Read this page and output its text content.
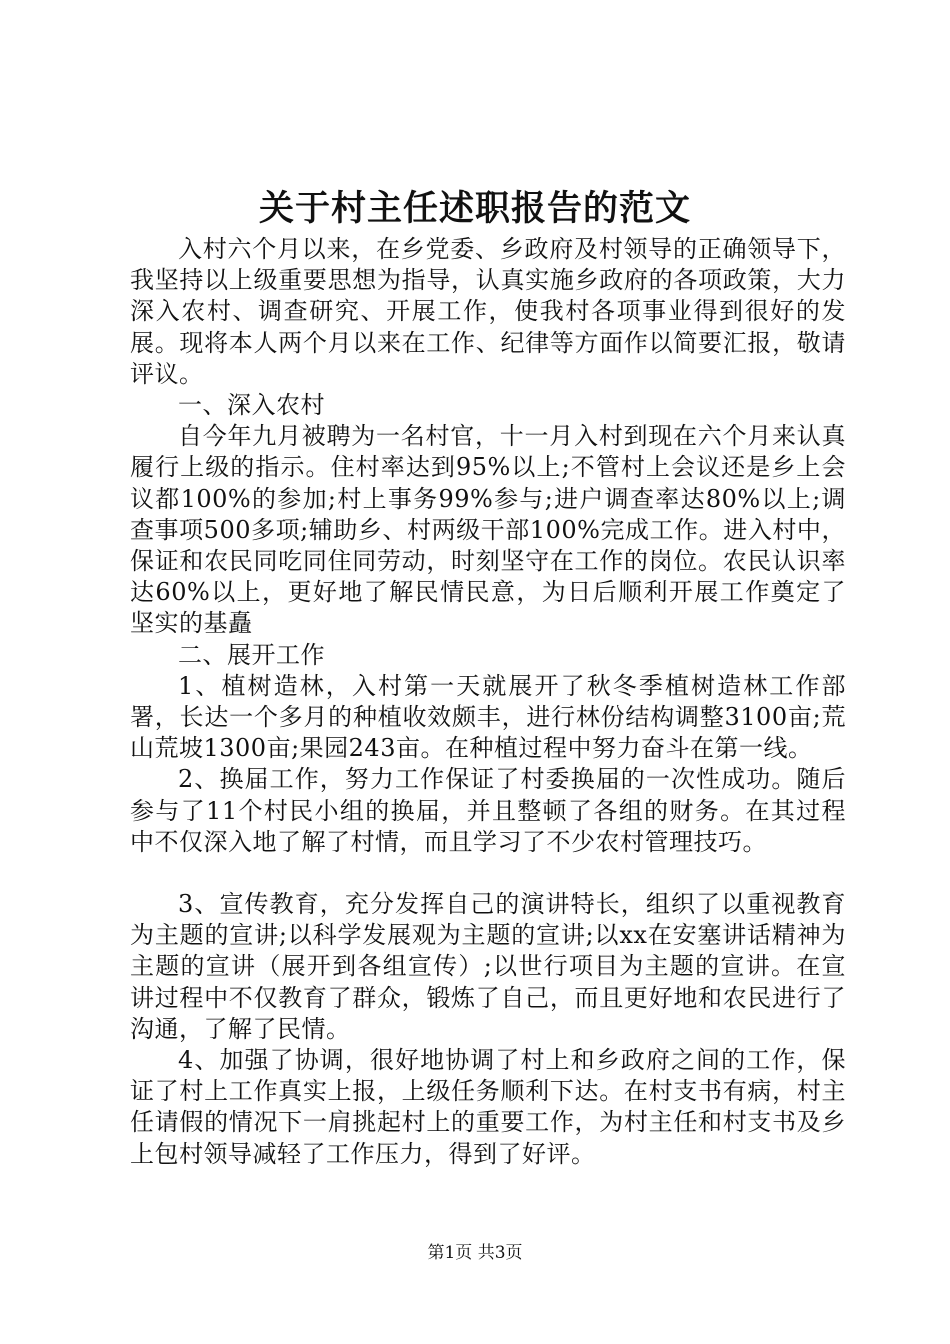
关于村主任述职报告的范文

入村六个月以来，在乡党委、乡政府及村领导的正确领导下，我坚持以上级重要思想为指导，认真实施乡政府的各项政策，大力深入农村、调查研究、开展工作，使我村各项事业得到很好的发展。现将本人两个月以来在工作、纪律等方面作以简要汇报，敬请评议。

一、深入农村

自今年九月被聘为一名村官，十一月入村到现在六个月来认真履行上级的指示。住村率达到95%以上;不管村上会议还是乡上会议都100%的参加;村上事务99%参与;进户调查率达80%以上;调查事项500多项;辅助乡、村两级干部100%完成工作。进入村中，保证和农民同吃同住同劳动，时刻坚守在工作的岗位。农民认识率达60%以上，更好地了解民情民意，为日后顺利开展工作奠定了坚实的基矗

二、展开工作

1、植树造林，入村第一天就展开了秋冬季植树造林工作部署，长达一个多月的种植收效颇丰，进行林份结构调整3100亩;荒山荒坡1300亩;果园243亩。在种植过程中努力奋斗在第一线。

2、换届工作，努力工作保证了村委换届的一次性成功。随后参与了11个村民小组的换届，并且整顿了各组的财务。在其过程中不仅深入地了解了村情，而且学习了不少农村管理技巧。

3、宣传教育，充分发挥自己的演讲特长，组织了以重视教育为主题的宣讲;以科学发展观为主题的宣讲;以xx在安塞讲话精神为主题的宣讲（展开到各组宣传）;以世行项目为主题的宣讲。在宣讲过程中不仅教育了群众，锻炼了自己，而且更好地和农民进行了沟通，了解了民情。

4、加强了协调，很好地协调了村上和乡政府之间的工作，保证了村上工作真实上报，上级任务顺利下达。在村支书有病，村主任请假的情况下一肩挑起村上的重要工作，为村主任和村支书及乡上包村领导减轻了工作压力，得到了好评。

第1页 共3页
